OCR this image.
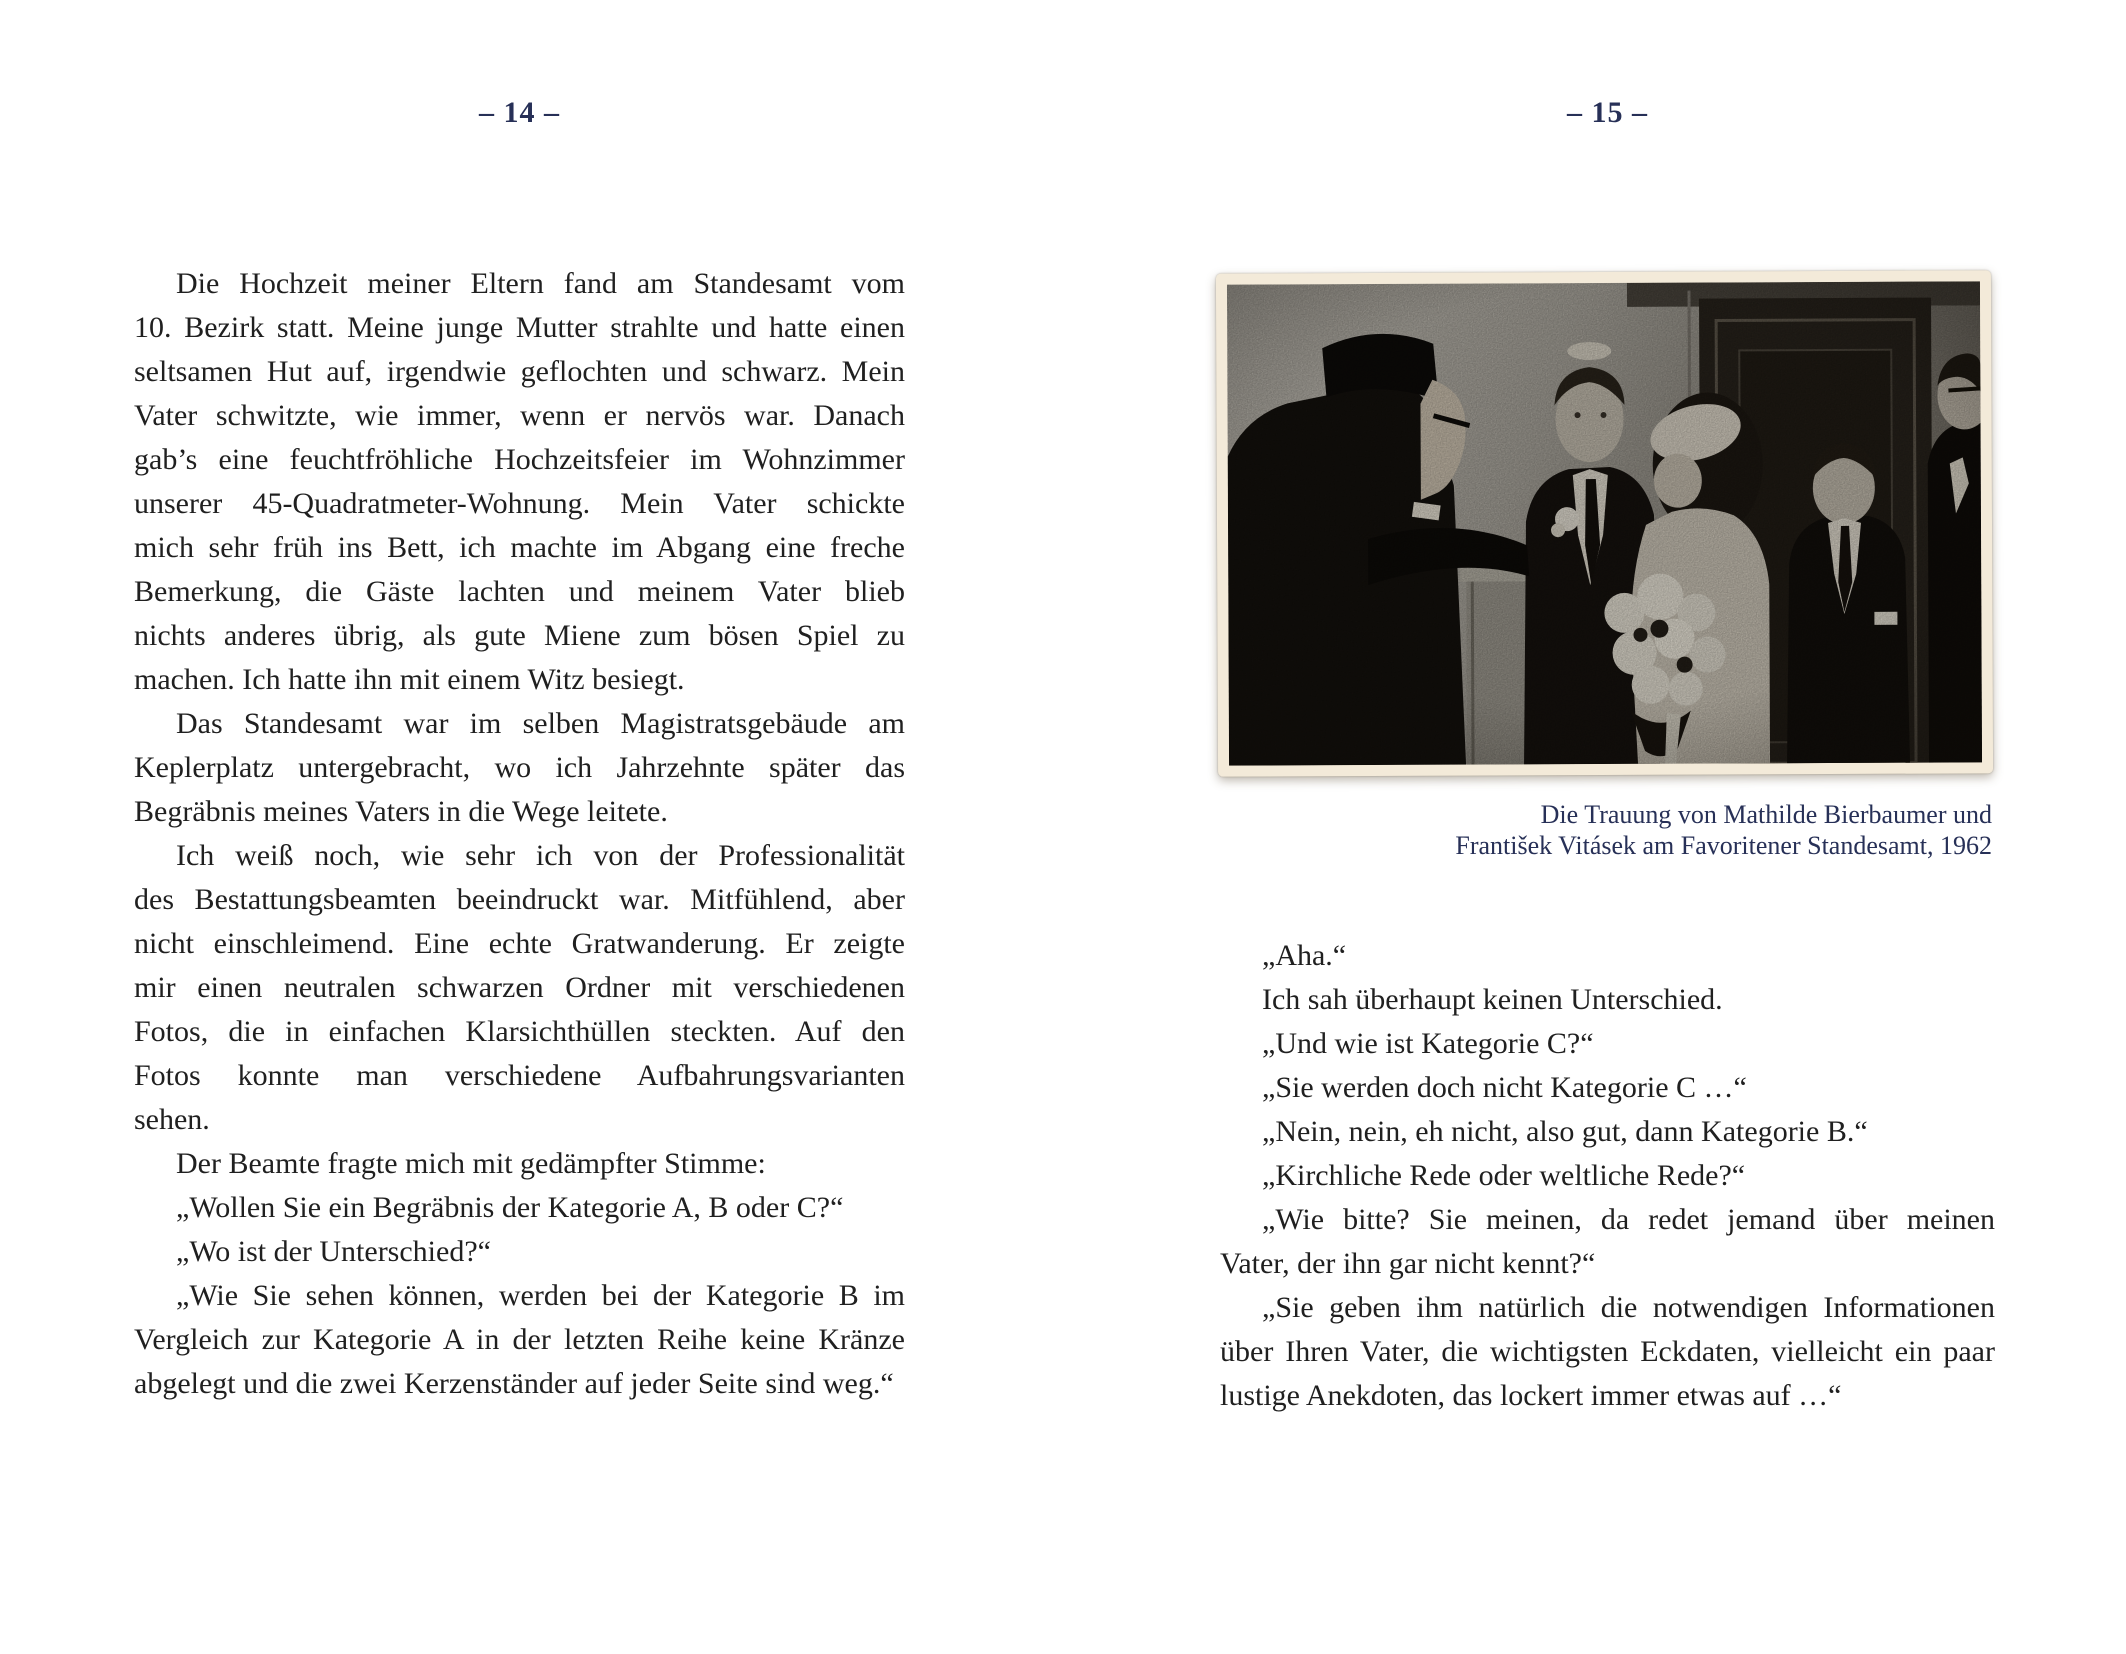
– 14 –
Die Hochzeit meiner Eltern fand am Standesamt vom
10. Bezirk statt. Meine junge Mutter strahlte und hatte einen
seltsamen Hut auf, irgendwie geflochten und schwarz. Mein
Vater schwitzte, wie immer, wenn er nervös war. Danach
gab’s eine feuchtfröhliche Hochzeitsfeier im Wohnzimmer
unserer 45-Quadratmeter-Wohnung. Mein Vater schickte
mich sehr früh ins Bett, ich machte im Abgang eine freche
Bemerkung, die Gäste lachten und meinem Vater blieb
nichts anderes übrig, als gute Miene zum bösen Spiel zu
machen. Ich hatte ihn mit einem Witz besiegt.
Das Standesamt war im selben Magistratsgebäude am
Keplerplatz untergebracht, wo ich Jahrzehnte später das
Begräbnis meines Vaters in die Wege leitete.
Ich weiß noch, wie sehr ich von der Professionalität
des Bestattungsbeamten beeindruckt war. Mitfühlend, aber
nicht einschleimend. Eine echte Gratwanderung. Er zeigte
mir einen neutralen schwarzen Ordner mit verschiedenen
Fotos, die in einfachen Klarsichthüllen steckten. Auf den
Fotos konnte man verschiedene Aufbahrungsvarianten
sehen.
Der Beamte fragte mich mit gedämpfter Stimme:
„Wollen Sie ein Begräbnis der Kategorie A, B oder C?“
„Wo ist der Unterschied?“
„Wie Sie sehen können, werden bei der Kategorie B im
Vergleich zur Kategorie A in der letzten Reihe keine Kränze
abgelegt und die zwei Kerzenständer auf jeder Seite sind weg.“
– 15 –
Die Trauung von Mathilde Bierbaumer und
František Vitásek am Favoritener Standesamt, 1962
„Aha.“
Ich sah überhaupt keinen Unterschied.
„Und wie ist Kategorie C?“
„Sie werden doch nicht Kategorie C …“
„Nein, nein, eh nicht, also gut, dann Kategorie B.“
„Kirchliche Rede oder weltliche Rede?“
„Wie bitte? Sie meinen, da redet jemand über meinen
Vater, der ihn gar nicht kennt?“
„Sie geben ihm natürlich die notwendigen Informationen
über Ihren Vater, die wichtigsten Eckdaten, vielleicht ein paar
lustige Anekdoten, das lockert immer etwas auf …“
